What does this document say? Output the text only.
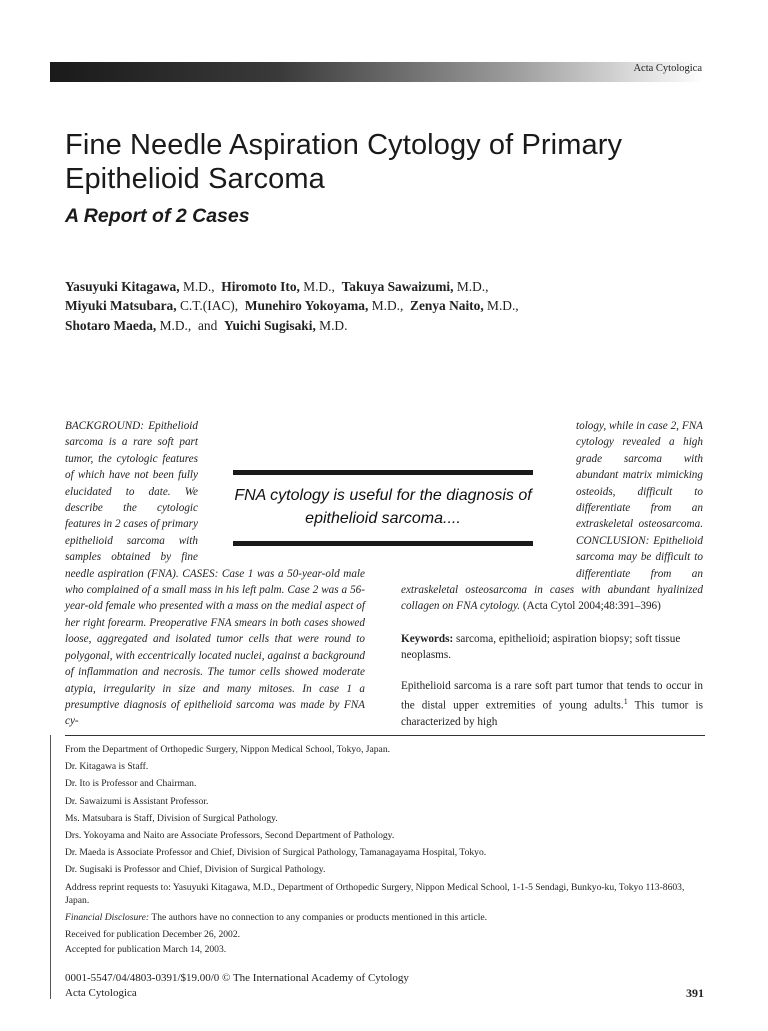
Acta Cytologica
Fine Needle Aspiration Cytology of Primary Epithelioid Sarcoma
A Report of 2 Cases
Yasuyuki Kitagawa, M.D., Hiromoto Ito, M.D., Takuya Sawaizumi, M.D.,
Miyuki Matsubara, C.T.(IAC), Munehiro Yokoyama, M.D., Zenya Naito, M.D.,
Shotaro Maeda, M.D., and Yuichi Sugisaki, M.D.

BACKGROUND: Epithelioid sarcoma is a rare soft part tumor, the cytologic features of which have not been fully elucidated to date. We describe the cytologic features in 2 cases of primary epithelioid sarcoma with samples obtained by fine needle aspiration (FNA). CASES: Case 1 was a 50-year-old male who complained of a small mass in his left palm. Case 2 was a 56-year-old female who presented with a mass on the medial aspect of her right forearm. Preoperative FNA smears in both cases showed loose, aggregated and isolated tumor cells that were round to polygonal, with eccentrically located nuclei, against a background of inflammation and necrosis. The tumor cells showed moderate atypia, irregularity in size and many mitoses. In case 1 a presumptive diagnosis of epithelioid sarcoma was made by FNA cy-

tology, while in case 2, FNA cytology revealed a high grade sarcoma with abundant matrix mimicking osteoids, difficult to differentiate from an extraskeletal osteosarcoma. CONCLUSION: Epithelioid sarcoma may be difficult to differentiate from an extraskeletal osteosarcoma in cases with abundant hyalinized collagen on FNA cytology. (Acta Cytol 2004;48:391–396)

Keywords: sarcoma, epithelioid; aspiration biopsy; soft tissue neoplasms.

Epithelioid sarcoma is a rare soft part tumor that tends to occur in the distal upper extremities of young adults.$^1$ This tumor is characterized by high

FNA cytology is useful for the diagnosis of epithelioid sarcoma....
From the Department of Orthopedic Surgery, Nippon Medical School, Tokyo, Japan.
Dr. Kitagawa is Staff.
Dr. Ito is Professor and Chairman.
Dr. Sawaizumi is Assistant Professor.
Ms. Matsubara is Staff, Division of Surgical Pathology.
Drs. Yokoyama and Naito are Associate Professors, Second Department of Pathology.
Dr. Maeda is Associate Professor and Chief, Division of Surgical Pathology, Tamanagayama Hospital, Tokyo.
Dr. Sugisaki is Professor and Chief, Division of Surgical Pathology.
Address reprint requests to: Yasuyuki Kitagawa, M.D., Department of Orthopedic Surgery, Nippon Medical School, 1-1-5 Sendagi, Bunkyo-ku, Tokyo 113-8603, Japan.
Financial Disclosure: The authors have no connection to any companies or products mentioned in this article.
Received for publication December 26, 2002.
Accepted for publication March 14, 2003.
0001-5547/04/4803-0391/$19.00/0 © The International Academy of Cytology
Acta Cytologica	391
